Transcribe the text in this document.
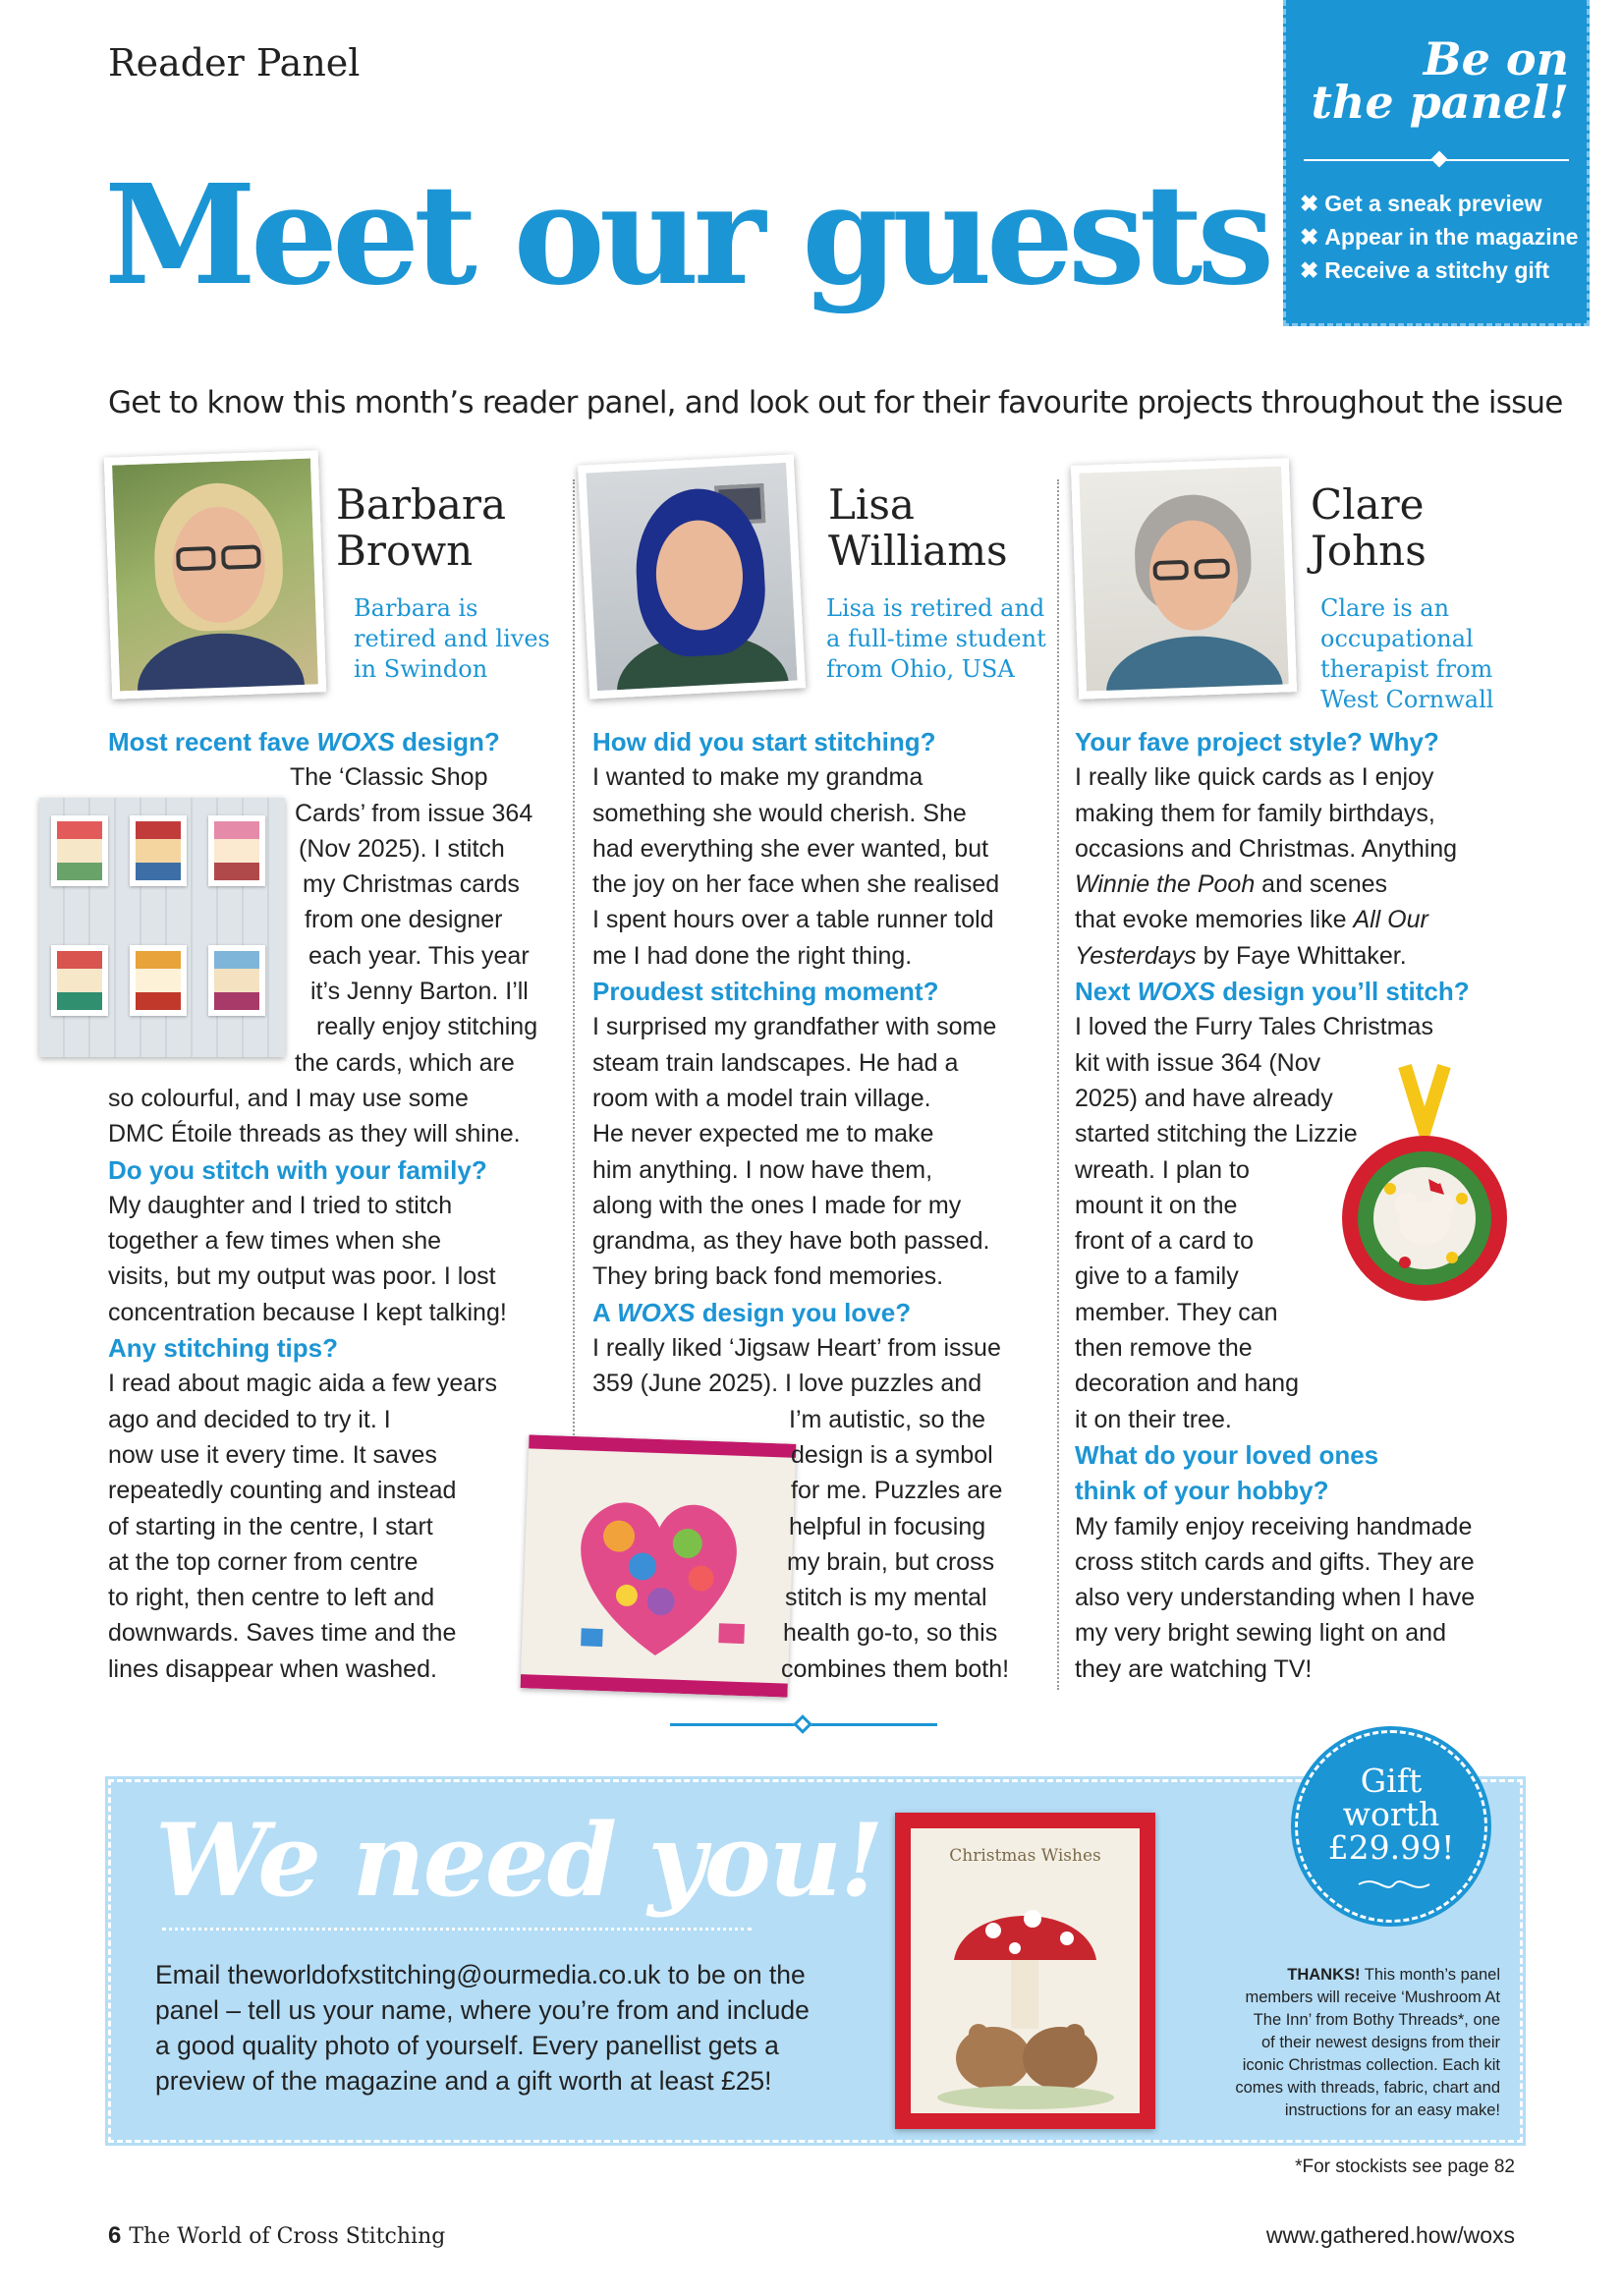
Reader Panel
Meet our guests
Be on
the panel!
✖ Get a sneak preview
✖ Appear in the magazine
✖ Receive a stitchy gift
Get to know this month’s reader panel, and look out for their favourite projects throughout the issue
Barbara
Brown
Barbara is
retired and lives
in Swindon
Lisa
Williams
Lisa is retired and
a full-time student
from Ohio, USA
Clare
Johns
Clare is an
occupational
therapist from
West Cornwall

Most recent fave WOXS design?

The ‘Classic Shop

Cards’ from issue 364

(Nov 2025). I stitch

my Christmas cards

from one designer

each year. This year

it’s Jenny Barton. I’ll

really enjoy stitching

the cards, which are

so colourful, and I may use some

DMC Étoile threads as they will shine.

Do you stitch with your family?

My daughter and I tried to stitch

together a few times when she

visits, but my output was poor. I lost

concentration because I kept talking!

Any stitching tips?

I read about magic aida a few years

ago and decided to try it. I

now use it every time. It saves

repeatedly counting and instead

of starting in the centre, I start

at the top corner from centre

to right, then centre to left and

downwards. Saves time and the

lines disappear when washed.

How did you start stitching?

I wanted to make my grandma

something she would cherish. She

had everything she ever wanted, but

the joy on her face when she realised

I spent hours over a table runner told

me I had done the right thing.

Proudest stitching moment?

I surprised my grandfather with some

steam train landscapes. He had a

room with a model train village.

He never expected me to make

him anything. I now have them,

along with the ones I made for my

grandma, as they have both passed.

They bring back fond memories.

A WOXS design you love?

I really liked ‘Jigsaw Heart’ from issue

359 (June 2025). I love puzzles and

I’m autistic, so the

design is a symbol

for me. Puzzles are

helpful in focusing

my brain, but cross

stitch is my mental

health go-to, so this

combines them both!

Your fave project style? Why?

I really like quick cards as I enjoy

making them for family birthdays,

occasions and Christmas. Anything

Winnie the Pooh and scenes

that evoke memories like All Our

Yesterdays by Faye Whittaker.

Next WOXS design you’ll stitch?

I loved the Furry Tales Christmas

kit with issue 364 (Nov

2025) and have already

started stitching the Lizzie

wreath. I plan to

mount it on the

front of a card to

give to a family

member. They can

then remove the

decoration and hang

it on their tree.

What do your loved ones

think of your hobby?

My family enjoy receiving handmade

cross stitch cards and gifts. They are

also very understanding when I have

my very bright sewing light on and

they are watching TV!

We need you!
Email theworldofxstitching@ourmedia.co.uk to be on the
panel – tell us your name, where you’re from and include
a good quality photo of yourself. Every panellist gets a
preview of the magazine and a gift worth at least £25!
THANKS! This month’s panel
members will receive ‘Mushroom At
The Inn’ from Bothy Threads*, one
of their newest designs from their
iconic Christmas collection. Each kit
comes with threads, fabric, chart and
instructions for an easy make!
Christmas Wishes
Gift
worth
£29.99!
*For stockists see page 82
6 The World of Cross Stitching	www.gathered.how/woxs
